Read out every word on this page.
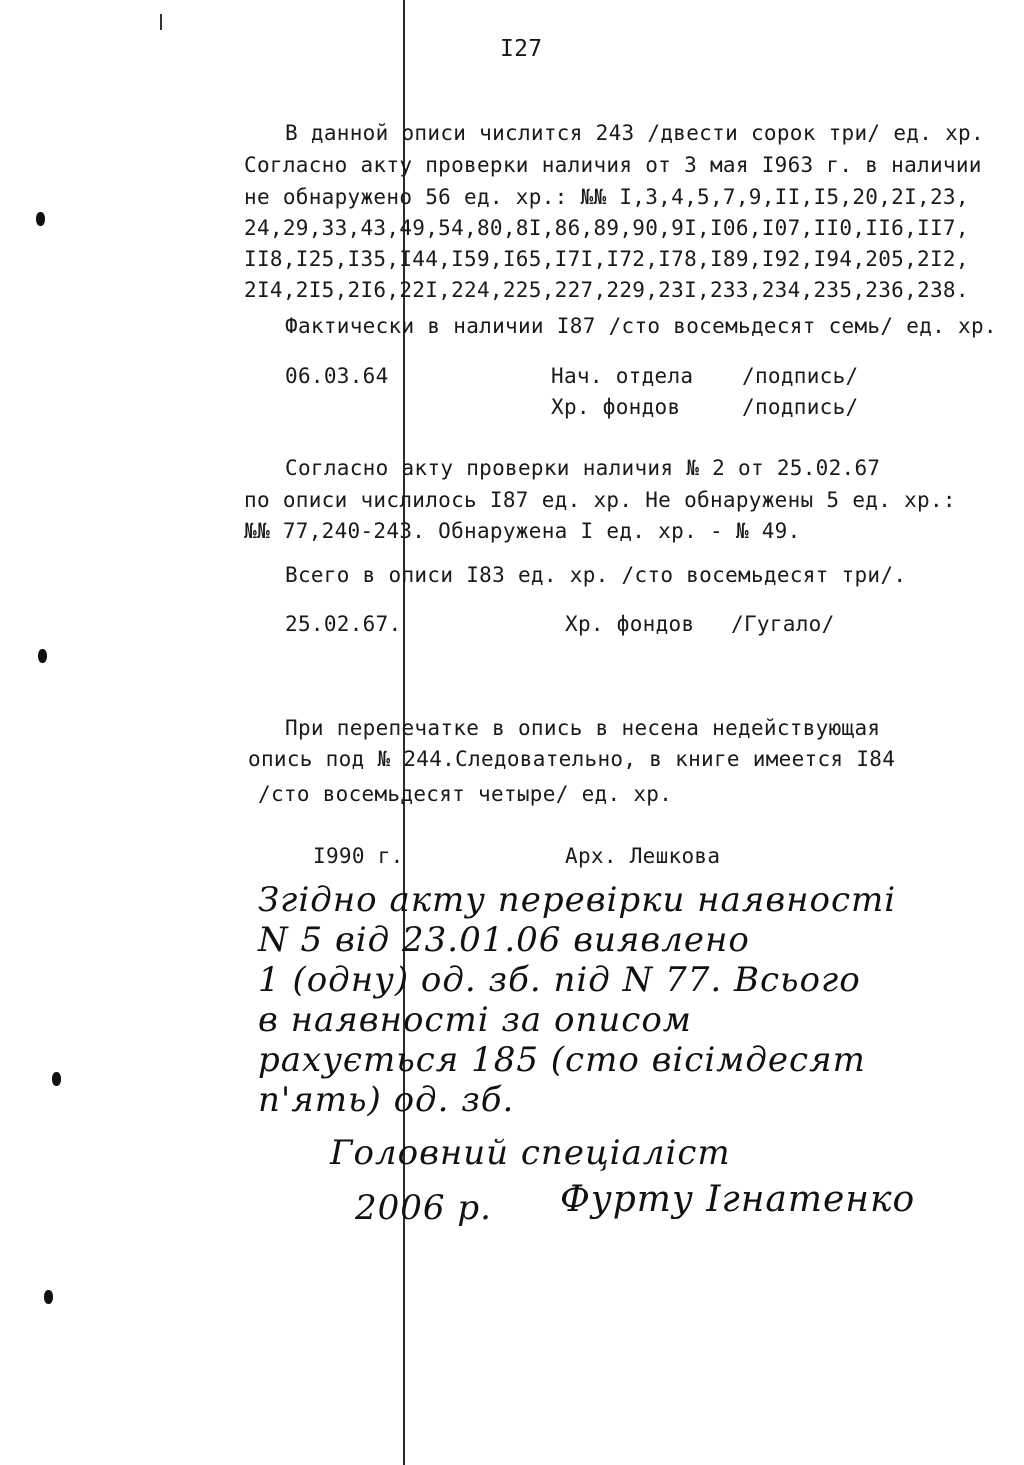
I27
В данной описи числится 243 /двести сорок три/ ед. хр.
Согласно акту проверки наличия от 3 мая I963 г. в наличии
не обнаружено 56 ед. хр.: №№ I,3,4,5,7,9,II,I5,20,2I,23,
24,29,33,43,49,54,80,8I,86,89,90,9I,I06,I07,II0,II6,II7,
II8,I25,I35,I44,I59,I65,I7I,I72,I78,I89,I92,I94,205,2I2,
2I4,2I5,2I6,22I,224,225,227,229,23I,233,234,235,236,238.
Фактически в наличии I87 /сто восемьдесят семь/ ед. хр.
06.03.64	Нач. отдела /подпись/
Хр. фондов	/подпись/
Согласно акту проверки наличия № 2 от 25.02.67
по описи числилось I87 ед. хр. Не обнаружены 5 ед. хр.:
№№ 77,240-243. Обнаружена I ед. хр. - № 49.
Всего в описи I83 ед. хр. /сто восемьдесят три/.
25.02.67.	Хр. фондов /Гугало/
При перепечатке в опись в несена недействующая
опись под № 244.Следовательно, в книге имеется I84
/сто восемьдесят четыре/ ед. хр.
I990 г.	Арх. Лешкова
Згідно акту перевірки наявності
N 5 від 23.01.06 виявлено
1 (одну) од. зб. під N 77. Всього
в наявності за описом
рахується 185 (сто вісімдесят
п'ять) од. зб.
Головний спеціаліст
2006 р. Фурту Ігнатенко
